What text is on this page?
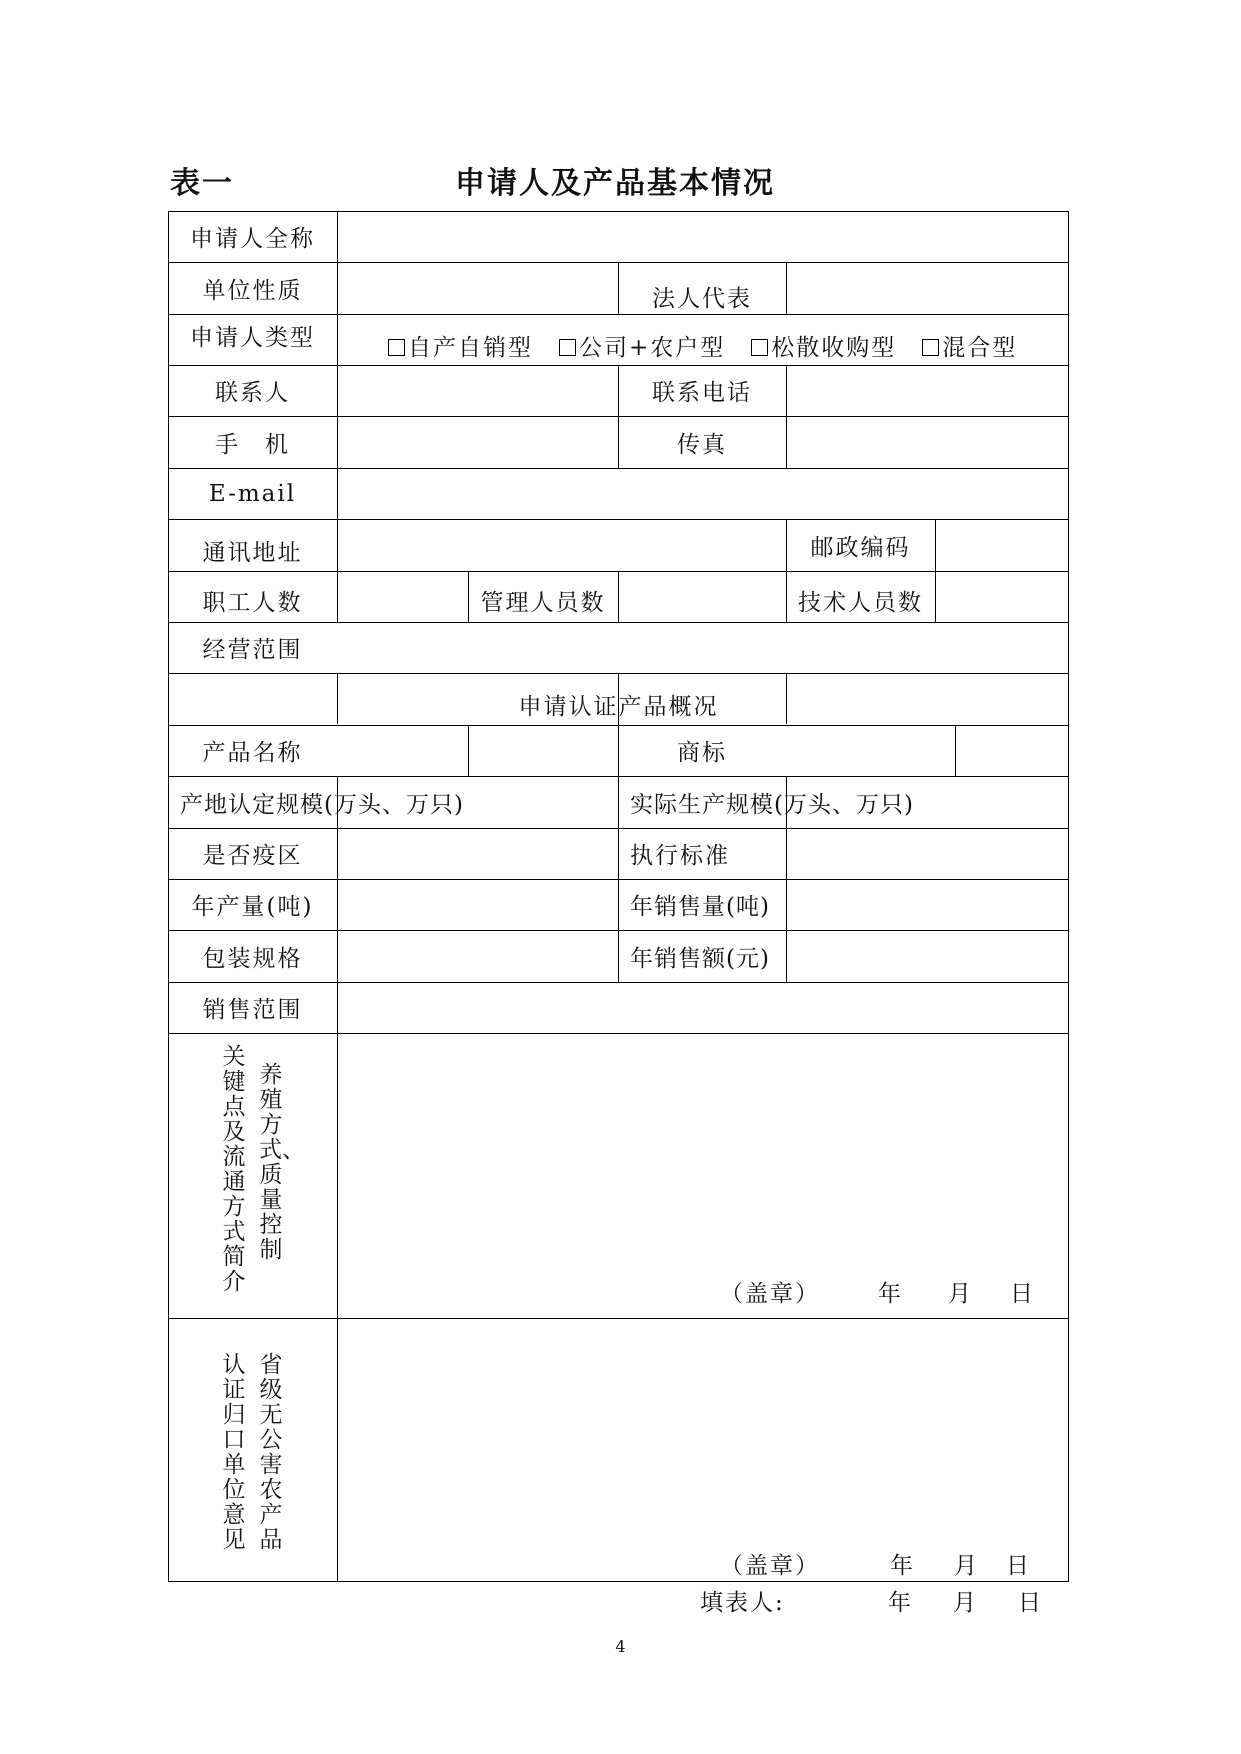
表一	申请人及产品基本情况
申请人全称
单位性质	法人代表
申请人类型	自产自销型	公司+农户型	松散收购型	混合型
联系人	联系电话
手　机	传真
E-mail
通讯地址	邮政编码
职工人数	管理人员数	技术人员数
经营范围
申请认证产品概况
产品名称	商标
产地认定规模(万头、万只)	实际生产规模(万头、万只)
是否疫区	执行标准
年产量(吨)	年销售量(吨)
包装规格	年销售额(元)
销售范围
关键点及流通方式简介
养殖方式、质量控制
（盖章）	年 月 日
认证归口单位意见
省级无公害农产品
（盖章）	年 月 日
填表人:	年 月 日
4
